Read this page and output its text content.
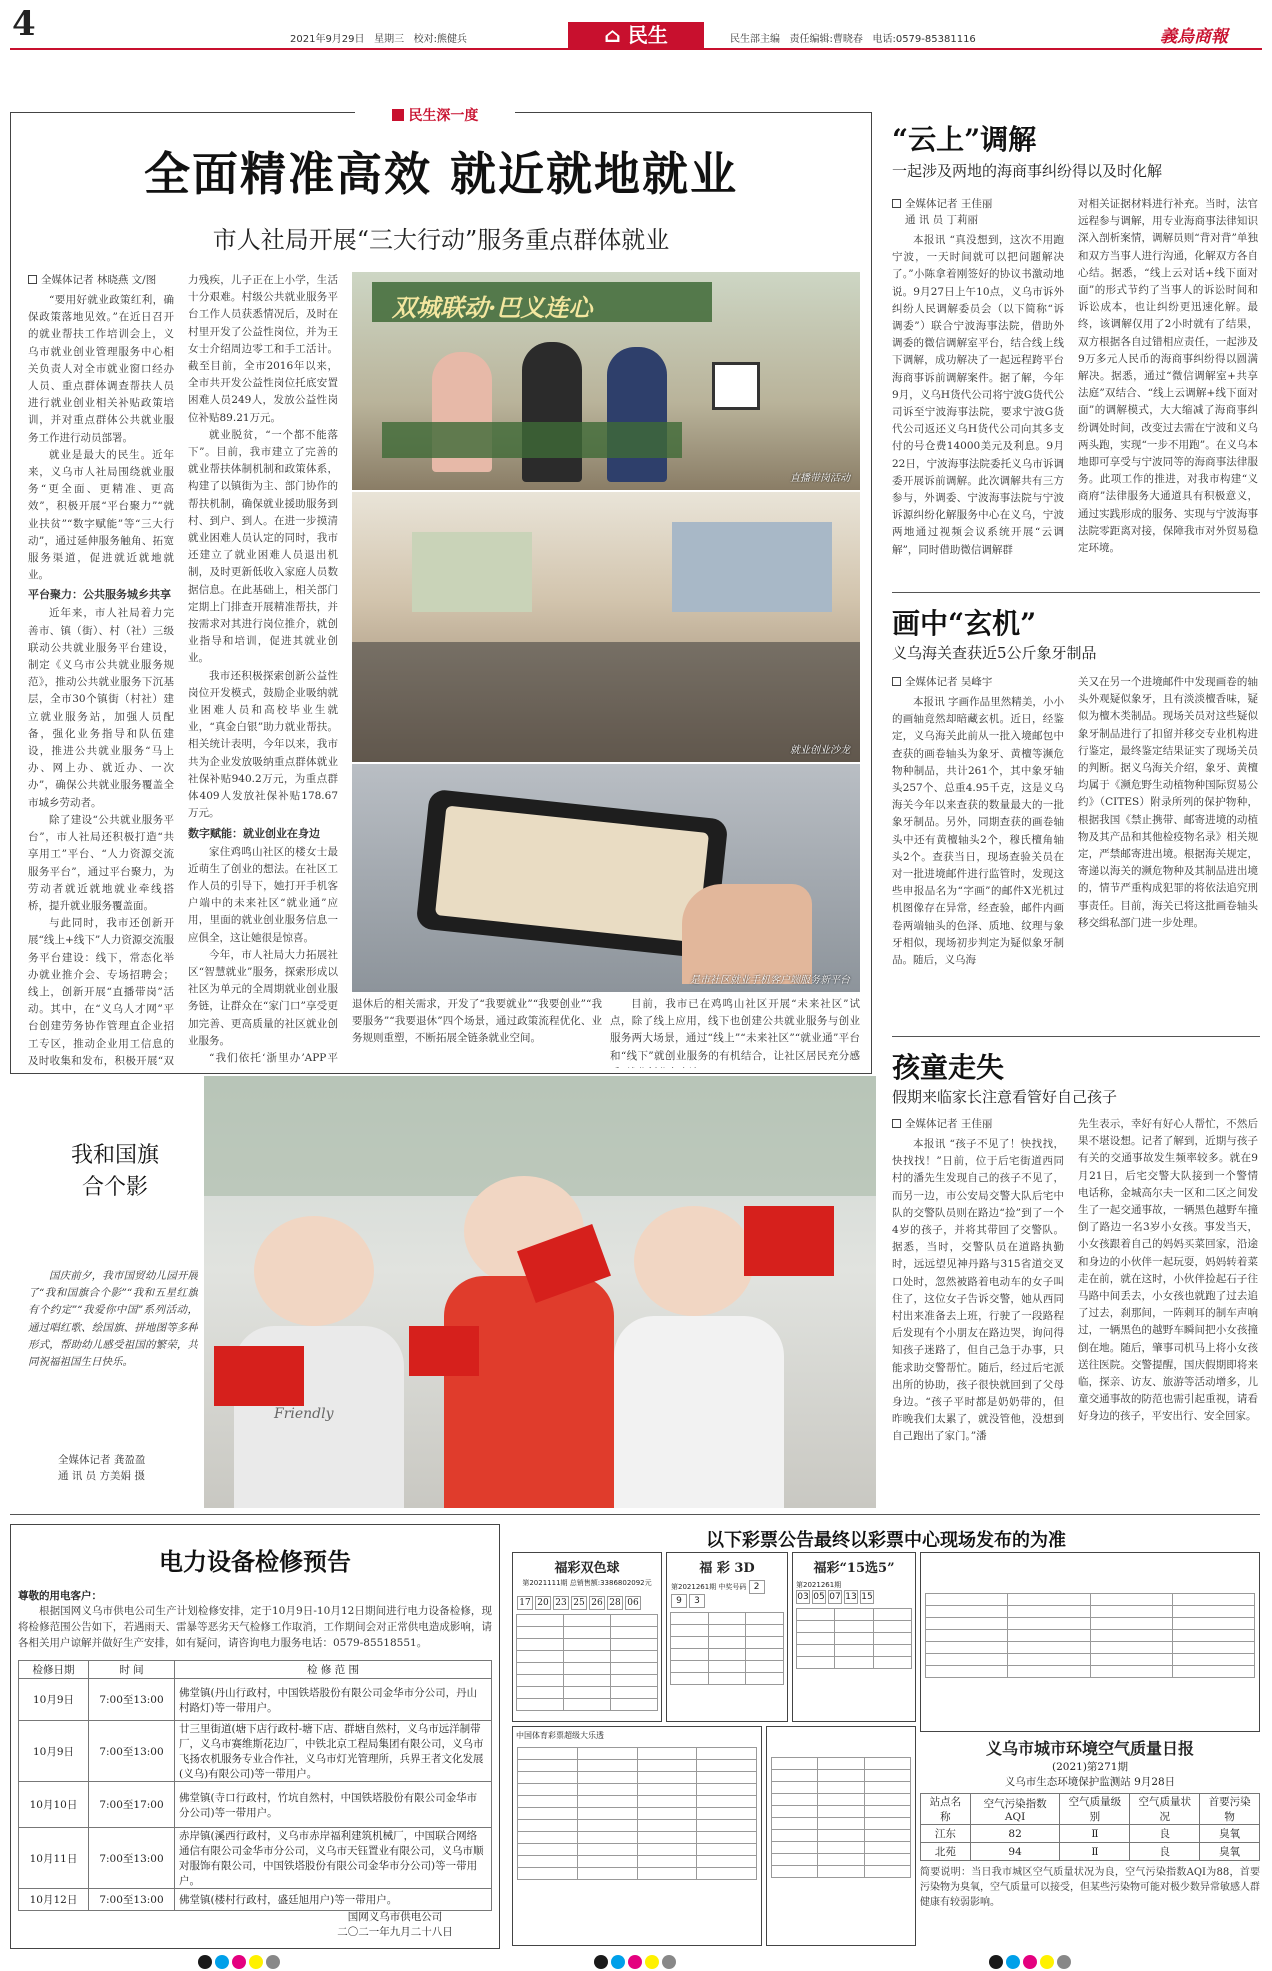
4	2021年9月29日 星期三 校对:熊健兵	⌂ 民生	民生部主编 责任编辑:曹晓春 电话:0579-85381116	義烏商報
民生深一度
全面精准高效 就近就地就业
市人社局开展“三大行动”服务重点群体就业
全媒体记者 林晓燕 文/图

“要用好就业政策红利，确保政策落地见效。”在近日召开的就业帮扶工作培训会上，义乌市就业创业管理服务中心相关负责人对全市就业窗口经办人员、重点群体调查帮扶人员进行就业创业相关补贴政策培训，并对重点群体公共就业服务工作进行动员部署。

就业是最大的民生。近年来，义乌市人社局围绕就业服务“更全面、更精准、更高效”，积极开展“平台聚力”“就业扶贫”“数字赋能”等“三大行动”，通过延伸服务触角、拓宽服务渠道，促进就近就地就业。

平台聚力：公共服务城乡共享

近年来，市人社局着力完善市、镇（街）、村（社）三级联动公共就业服务平台建设，制定《义乌市公共就业服务规范》，推动公共就业服务下沉基层，全市30个镇街（村社）建立就业服务站，加强人员配备，强化业务指导和队伍建设，推进公共就业服务“马上办、网上办、就近办、一次办”，确保公共就业服务覆盖全市城乡劳动者。

除了建设“公共就业服务平台”，市人社局还积极打造“共享用工”平台、“人力资源交流服务平台”，通过平台聚力，为劳动者就近就地就业牵线搭桥，提升就业服务覆盖面。

与此同时，我市还创新开展“线上+线下”人力资源交流服务平台建设：线下，常态化举办就业推介会、专场招聘会；线上，创新开展“直播带岗”活动。其中，在“义乌人才网”平台创建劳务协作管理直企业招工专区，推动企业用工信息的及时收集和发布，积极开展“双

力残疾，儿子正在上小学，生活十分艰难。村级公共就业服务平台工作人员获悉情况后，及时在村里开发了公益性岗位，并为王女士介绍周边零工和手工活计。截至目前，全市2016年以来，全市共开发公益性岗位托底安置困难人员249人，发放公益性岗位补贴89.21万元。

就业脱贫，“一个都不能落下”。目前，我市建立了完善的就业帮扶体制机制和政策体系，构建了以镇街为主、部门协作的帮扶机制，确保就业援助服务到村、到户、到人。在进一步摸清就业困难人员认定的同时，我市还建立了就业困难人员退出机制，及时更新低收入家庭人员数据信息。在此基础上，相关部门定期上门排查开展精准帮扶，并按需求对其进行岗位推介，就创业指导和培训，促进其就业创业。

我市还积极探索创新公益性岗位开发模式，鼓励企业吸纳就业困难人员和高校毕业生就业，“真金白银”助力就业帮扶。相关统计表明，今年以来，我市共为企业发放吸纳重点群体就业社保补贴940.2万元，为重点群体409人发放社保补贴178.67万元。

数字赋能：就业创业在身边

家住鸡鸣山社区的楼女士最近萌生了创业的想法。在社区工作人员的引导下，她打开手机客户端中的未来社区“就业通”应用，里面的就业创业服务信息一应俱全，这让她很是惊喜。

今年，市人社局大力拓展社区“智慧就业”服务，探索形成以社区为单元的全周期就业创业服务链，让群众在“家门口”享受更加完善、更高质量的社区就业创业服务。

“我们依托‘浙里办’APP平

双城联动·巴义连心
直播带岗活动
就业创业沙龙
是市社区就业手机客户端服务新平台

退休后的相关需求，开发了“我要就业”“我要创业”“我要服务”“我要退休”四个场景，通过政策流程优化、业务规则重塑，不断拓展全链条就业空间。

目前，我市已在鸡鸣山社区开展“未来社区”试点，除了线上应用，线下也创建公共就业服务与创业服务两大场景，通过“线上”“未来社区”“就业通”平台和“线下”就创业服务的有机结合，让社区居民充分感

“云上”调解
一起涉及两地的海商事纠纷得以及时化解
全媒体记者 王佳丽
通 讯 员 丁莉丽

本报讯 “真没想到，这次不用跑宁波，一天时间就可以把问题解决了。”小陈拿着刚签好的协议书激动地说。9月27日上午10点，义乌市诉外纠纷人民调解委员会（以下简称“诉调委”）联合宁波海事法院，借助外调委的微信调解室平台，结合线上线下调解，成功解决了一起远程跨平台海商事诉前调解案件。据了解，今年9月，义乌H货代公司将宁波G货代公司诉至宁波海事法院，要求宁波G货代公司返还义乌H货代公司向其多支付的号仓费14000美元及利息。9月22日，宁波海事法院委托义乌市诉调委开展诉前调解。此次调解共有三方参与，外调委、宁波海事法院与宁波诉源纠纷化解服务中心在义乌，宁波两地通过视频会议系统开展“云调解”，同时借助微信调解群

对相关证据材料进行补充。当时，法官远程参与调解，用专业海商事法律知识深入剖析案情，调解员则“背对背”单独和双方当事人进行沟通，化解双方各自心结。据悉，“线上云对话+线下面对面”的形式节约了当事人的诉讼时间和诉讼成本，也让纠纷更迅速化解。最终，该调解仅用了2小时就有了结果，双方根据各自过错相应责任，一起涉及9万多元人民币的海商事纠纷得以圆满解决。据悉，通过“微信调解室+共享法庭”双结合、“线上云调解+线下面对面”的调解模式，大大缩减了海商事纠纷调处时间，改变过去需在宁波和义乌两头跑，实现“一步不用跑”。在义乌本地即可享受与宁波同等的海商事法律服务。此项工作的推进，对我市构建“义商府”法律服务大通道具有积极意义，通过实践形成的服务、实现与宁波海事法院零距离对接，保障我市对外贸易稳定环境。

画中“玄机”
义乌海关查获近5公斤象牙制品
全媒体记者 吴峰宇

本报讯 字画作品里然精美，小小的画轴竟然却暗藏玄机。近日，经鉴定，义乌海关此前从一批入境邮包中查获的画卷轴头为象牙、黄檀等濒危物种制品，共计261个，其中象牙轴头257个、总重4.95千克，这是义乌海关今年以来查获的数量最大的一批象牙制品。另外，同期查获的画卷轴头中还有黄檀轴头2个，穆氏檀角轴头2个。查获当日，现场查验关员在对一批进境邮件进行监管时，发现这些申报品名为“字画”的邮件X光机过机图像存在异常，经查验，邮件内画卷两端轴头的色泽、质地、纹理与象牙相似，现场初步判定为疑似象牙制品。随后，义乌海

关又在另一个进境邮件中发现画卷的轴头外观疑似象牙，且有淡淡檀香味，疑似为檀木类制品。现场关员对这些疑似象牙制品进行了扣留并移交专业机构进行鉴定，最终鉴定结果证实了现场关员的判断。据义乌海关介绍，象牙、黄檀均属于《濒危野生动植物种国际贸易公约》（CITES）附录所列的保护物种，根据我国《禁止携带、邮寄进境的动植物及其产品和其他检疫物名录》相关规定，严禁邮寄进出境。根据海关规定，寄递以海关的濒危物种及其制品进出境的，情节严重构成犯罪的将依法追究刑事责任。目前，海关已将这批画卷轴头移交缉私部门进一步处理。

孩童走失
假期来临家长注意看管好自己孩子
全媒体记者 王佳丽

本报讯 “孩子不见了！快找找，快找找！”日前，位于后宅街道西同村的潘先生发现自己的孩子不见了，而另一边，市公安局交警大队后宅中队的交警队员则在路边“捡”到了一个4岁的孩子，并将其带回了交警队。据悉，当时，交警队员在道路执勤时，远远望见神丹路与315省道交叉口处时，忽然被路着电动车的女子叫住了，这位女子告诉交警，她从西同村出来准备去上班，行驶了一段路程后发现有个小朋友在路边哭，询问得知孩子迷路了，但自己急于办事，只能求助交警帮忙。随后，经过后宅派出所的协助，孩子很快就回到了父母身边。“孩子平时都是奶奶带的，但昨晚我们太累了，就没管他，没想到自己跑出了家门。”潘

先生表示，幸好有好心人帮忙，不然后果不堪设想。记者了解到，近期与孩子有关的交通事故发生频率较多。就在9月21日，后宅交警大队接到一个警情电话称，金城高尔夫一区和二区之间发生了一起交通事故，一辆黑色越野车撞倒了路边一名3岁小女孩。事发当天，小女孩跟着自己的妈妈买菜回家，沿途和身边的小伙伴一起玩耍，妈妈转着菜走在前，就在这时，小伙伴捡起石子往马路中间丢去，小女孩也就跑了过去追了过去，刹那间，一阵刺耳的制车声响过，一辆黑色的越野车瞬间把小女孩撞倒在地。随后，肇事司机马上将小女孩送往医院。交警提醒，国庆假期即将来临，探亲、访友、旅游等活动增多，儿童交通事故的防范也需引起重视，请看好身边的孩子，平安出行、安全回家。

我和国旗
合个影

国庆前夕，我市国贸幼儿园开展了“我和国旗合个影”“我和五星红旗有个约定”“我爱你中国”系列活动，通过唱红歌、绘国旗、拼地图等多种形式，帮助幼儿感受祖国的繁荣，共同祝福祖国生日快乐。

全媒体记者 龚盈盈
通 讯 员 方美娟 摄
Friendly
电力设备检修预告
尊敬的用电客户：

根据国网义乌市供电公司生产计划检修安排，定于10月9日-10月12日期间进行电力设备检修，现将检修范围公告如下，若遇雨天、雷暴等恶劣天气检修工作取消，工作期间会对正常供电造成影响，请各相关用户谅解并做好生产安排，如有疑问，请咨询电力服务电话：0579-85518551。

检修日期	时 间	检 修 范 围
10月9日	7:00至13:00	佛堂镇(丹山行政村，中国铁塔股份有限公司金华市分公司，丹山村路灯)等一带用户。
10月9日	7:00至13:00	廿三里街道(塘下店行政村-塘下店、群塘自然村，义乌市远洋制带厂，义乌市赛维斯花边厂，中铁北京工程局集团有限公司，义乌市飞扬农机服务专业合作社，义乌市灯光管理所，兵界王者文化发展(义乌)有限公司)等一带用户。
10月10日	7:00至17:00	佛堂镇(寺口行政村，竹坑自然村，中国铁塔股份有限公司金华市分公司)等一带用户。
10月11日	7:00至13:00	赤岸镇(溪西行政村，义乌市赤岸福利建筑机械厂，中国联合网络通信有限公司金华市分公司，义乌市天钰置业有限公司，义乌市顺对服饰有限公司，中国铁塔股份有限公司金华市分公司)等一带用户。
10月12日	7:00至13:00	佛堂镇(楼村行政村，盛廷旭用户)等一带用户。
国网义乌市供电公司
二〇二一年九月二十八日
以下彩票公告最终以彩票中心现场发布的为准
福彩双色球
第2021111期 总销售额:3386802092元
17 20 23 25 26 28 06

福 彩 3D
第2021261期 中奖号码 29 3

福彩“15选5”
第2021261期
03 05 07 13 15

中国体育彩票超级大乐透

义乌市城市环境空气质量日报
(2021)第271期
义乌市生态环境保护监测站 9月28日
站点名称	空气污染指数AQI	空气质量级别	空气质量状况	首要污染物
江东	82	Ⅱ	良	臭氧
北苑	94	Ⅱ	良	臭氧
简要说明：当日我市城区空气质量状况为良，空气污染指数AQI为88，首要污染物为臭氧，空气质量可以接受，但某些污染物可能对极少数异常敏感人群健康有较弱影响。
